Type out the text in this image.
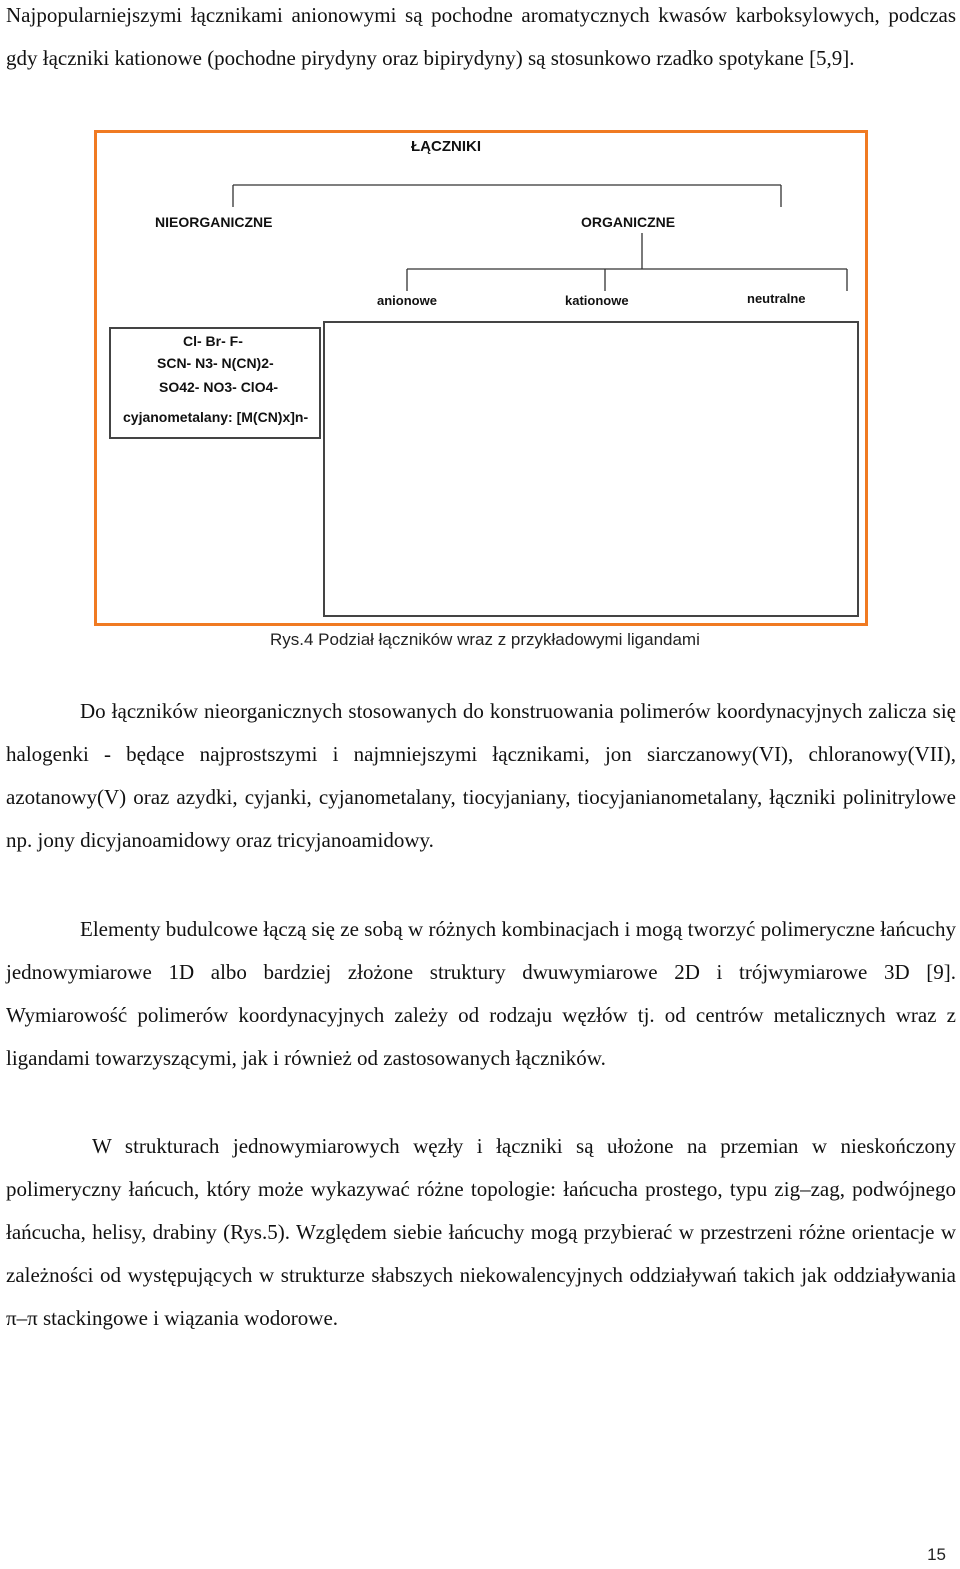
Najpopularniejszymi łącznikami anionowymi są pochodne aromatycznych kwasów karboksylowych, podczas gdy łączniki kationowe (pochodne pirydyny oraz bipirydyny) są stosunkowo rzadko spotykane [5,9].

ŁĄCZNIKI
NIEORGANICZNE	ORGANICZNE
anionowe	kationowe	neutralne
Cl- Br- F-
SCN- N3- N(CN)2-
SO42- NO3- ClO4-
cyjanometalany: [M(CN)x]n-
Rys.4 Podział łączników wraz z przykładowymi ligandami

Do łączników nieorganicznych stosowanych do konstruowania polimerów koordynacyjnych zalicza się halogenki - będące najprostszymi i najmniejszymi łącznikami, jon siarczanowy(VI), chloranowy(VII), azotanowy(V) oraz azydki, cyjanki, cyjanometalany, tiocyjaniany, tiocyjanianometalany, łączniki polinitrylowe np. jony dicyjanoamidowy oraz tricyjanoamidowy.

Elementy budulcowe łączą się ze sobą w różnych kombinacjach i mogą tworzyć polimeryczne łańcuchy jednowymiarowe 1D albo bardziej złożone struktury dwuwymiarowe 2D i trójwymiarowe 3D [9]. Wymiarowość polimerów koordynacyjnych zależy od rodzaju węzłów tj. od centrów metalicznych wraz z ligandami towarzyszącymi, jak i również od zastosowanych łączników.

W strukturach jednowymiarowych węzły i łączniki są ułożone na przemian w nieskończony polimeryczny łańcuch, który może wykazywać różne topologie: łańcucha prostego, typu zig–zag, podwójnego łańcucha, helisy, drabiny (Rys.5). Względem siebie łańcuchy mogą przybierać w przestrzeni różne orientacje w zależności od występujących w strukturze słabszych niekowalencyjnych oddziaływań takich jak oddziaływania π–π stackingowe i wiązania wodorowe.

15
